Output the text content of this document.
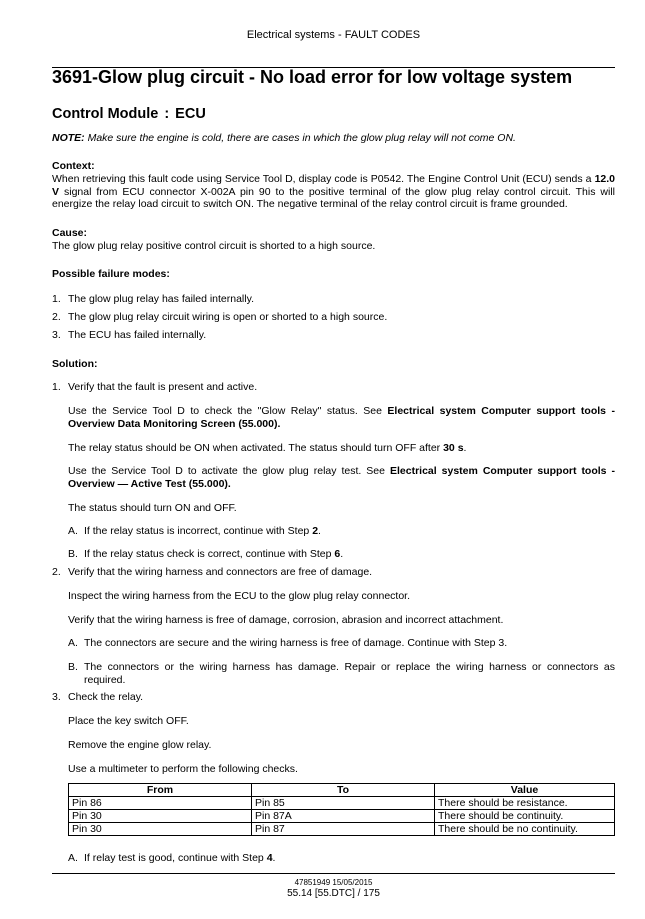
Electrical systems - FAULT CODES
3691-Glow plug circuit - No load error for low voltage system
Control Module : ECU
NOTE: Make sure the engine is cold, there are cases in which the glow plug relay will not come ON.
Context:
When retrieving this fault code using Service Tool D, display code is P0542. The Engine Control Unit (ECU) sends a 12.0 V signal from ECU connector X-002A pin 90 to the positive terminal of the glow plug relay control circuit. This will energize the relay load circuit to switch ON. The negative terminal of the relay control circuit is frame grounded.
Cause:
The glow plug relay positive control circuit is shorted to a high source.
Possible failure modes:
1. The glow plug relay has failed internally.
2. The glow plug relay circuit wiring is open or shorted to a high source.
3. The ECU has failed internally.
Solution:
1. Verify that the fault is present and active.
Use the Service Tool D to check the "Glow Relay" status. See Electrical system Computer support tools - Overview Data Monitoring Screen (55.000).
The relay status should be ON when activated. The status should turn OFF after 30 s.
Use the Service Tool D to activate the glow plug relay test. See Electrical system Computer support tools - Overview — Active Test (55.000).
The status should turn ON and OFF.
A. If the relay status is incorrect, continue with Step 2.
B. If the relay status check is correct, continue with Step 6.
2. Verify that the wiring harness and connectors are free of damage.
Inspect the wiring harness from the ECU to the glow plug relay connector.
Verify that the wiring harness is free of damage, corrosion, abrasion and incorrect attachment.
A. The connectors are secure and the wiring harness is free of damage. Continue with Step 3.
B. The connectors or the wiring harness has damage. Repair or replace the wiring harness or connectors as required.
3. Check the relay.
Place the key switch OFF.
Remove the engine glow relay.
Use a multimeter to perform the following checks.
From	To	Value
Pin 86	Pin 85	There should be resistance.
Pin 30	Pin 87A	There should be continuity.
Pin 30	Pin 87	There should be no continuity.
A. If relay test is good, continue with Step 4.
47851949 15/05/2015
55.14 [55.DTC] / 175
